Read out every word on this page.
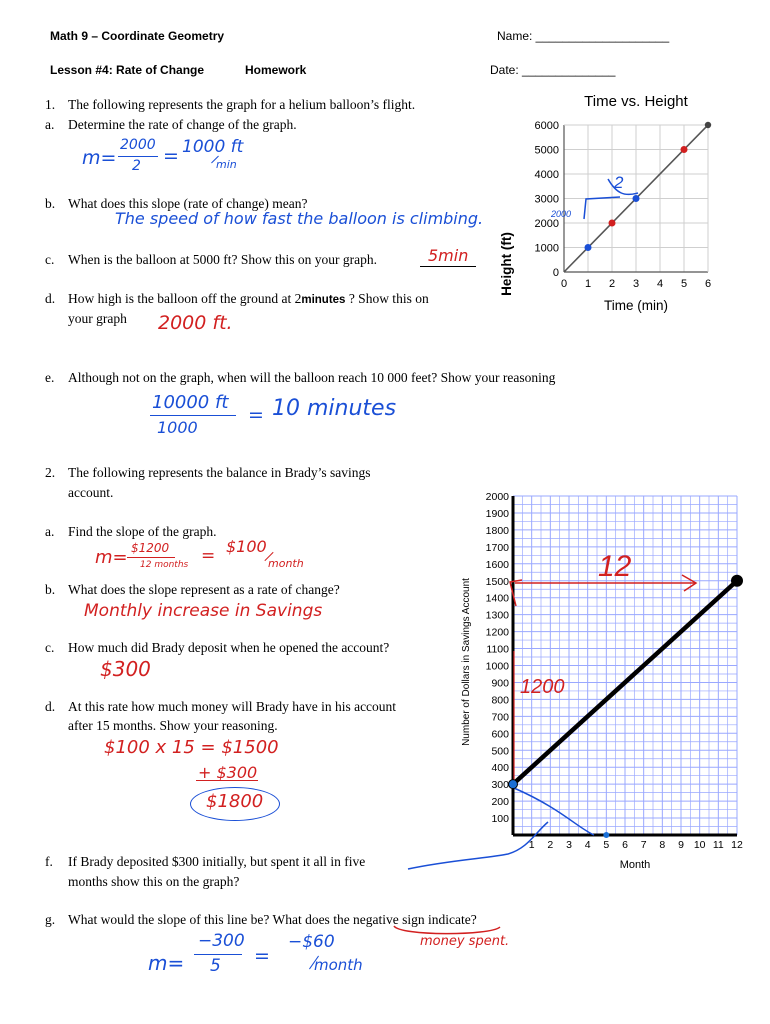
Math 9 – Coordinate Geometry	Name: ____________________
Lesson #4: Rate of Change	Homework	Date: ______________
1. The following represents the graph for a helium balloon’s flight.
a. Determine the rate of change of the graph.
m=
2000
2 = 1000 ft
min
b. What does this slope (rate of change) mean?
The speed of how fast the balloon is climbing.
c. When is the balloon at 5000 ft? Show this on your graph.	5min
d. How high is the balloon off the ground at 2minutes ? Show this on
your graph 2000 ft.
e. Although not on the graph, when will the balloon reach 10 000 feet? Show your reasoning
10000 ft
1000
= 10 minutes
0 1 2 3 4 5 6
0
1000
2000
3000
4000
5000
6000
Time vs. Height
Time (min)
Height (ft)
2
2000
2. The following represents the balance in Brady’s savings
account.
a. Find the slope of the graph.
m= $1200
12 months = $100
month
b. What does the slope represent as a rate of change?
Monthly increase in Savings
c. How much did Brady deposit when he opened the account?
$300
d. At this rate how much money will Brady have in his account
after 15 months. Show your reasoning.
$100 x 15 = $1500
+ $300
$1800
f. If Brady deposited $300 initially, but spent it all in five
months show this on the graph?
g. What would the slope of this line be? What does the negative sign indicate?
money spent.
m=
−300
5 =
−$60
month
12
1200
1 2 3 4 5 6 7 8 9 10 11 12
100
200
300
400
500
600
700
800
900
1000
1100
1200
1300
1400
1500
1600
1700
1800
1900
2000
Month
Number of Dollars in Savings Account
